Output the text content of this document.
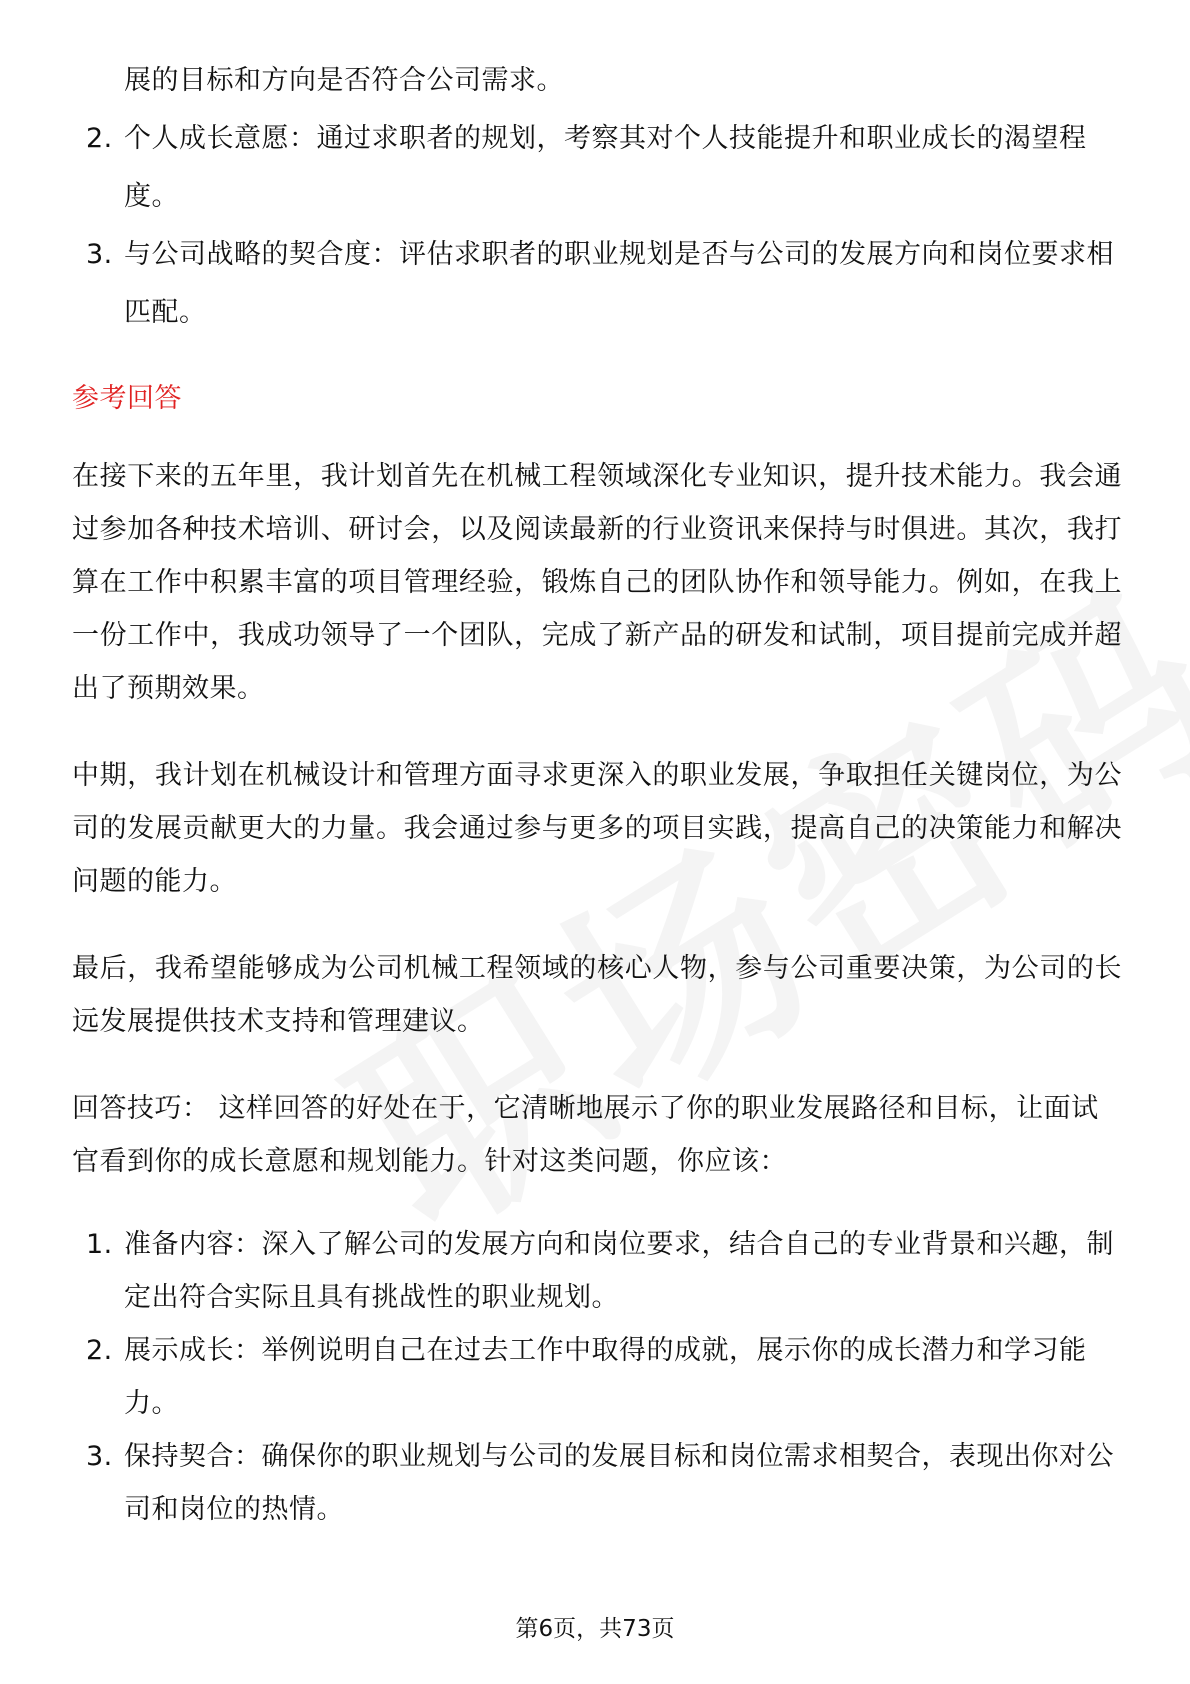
展的目标和方向是否符合公司需求。
2. 个人成长意愿：通过求职者的规划，考察其对个人技能提升和职业成长的渴望程度。
3. 与公司战略的契合度：评估求职者的职业规划是否与公司的发展方向和岗位要求相匹配。
参考回答

在接下来的五年里，我计划首先在机械工程领域深化专业知识，提升技术能力。我会通过参加各种技术培训、研讨会，以及阅读最新的行业资讯来保持与时俱进。其次，我打算在工作中积累丰富的项目管理经验，锻炼自己的团队协作和领导能力。例如，在我上一份工作中，我成功领导了一个团队，完成了新产品的研发和试制，项目提前完成并超出了预期效果。

中期，我计划在机械设计和管理方面寻求更深入的职业发展，争取担任关键岗位，为公司的发展贡献更大的力量。我会通过参与更多的项目实践，提高自己的决策能力和解决问题的能力。

最后，我希望能够成为公司机械工程领域的核心人物，参与公司重要决策，为公司的长远发展提供技术支持和管理建议。

回答技巧： 这样回答的好处在于，它清晰地展示了你的职业发展路径和目标，让面试官看到你的成长意愿和规划能力。针对这类问题，你应该：

1. 准备内容：深入了解公司的发展方向和岗位要求，结合自己的专业背景和兴趣，制定出符合实际且具有挑战性的职业规划。
2. 展示成长：举例说明自己在过去工作中取得的成就，展示你的成长潜力和学习能力。
3. 保持契合：确保你的职业规划与公司的发展目标和岗位需求相契合，表现出你对公司和岗位的热情。
第6页，共73页
